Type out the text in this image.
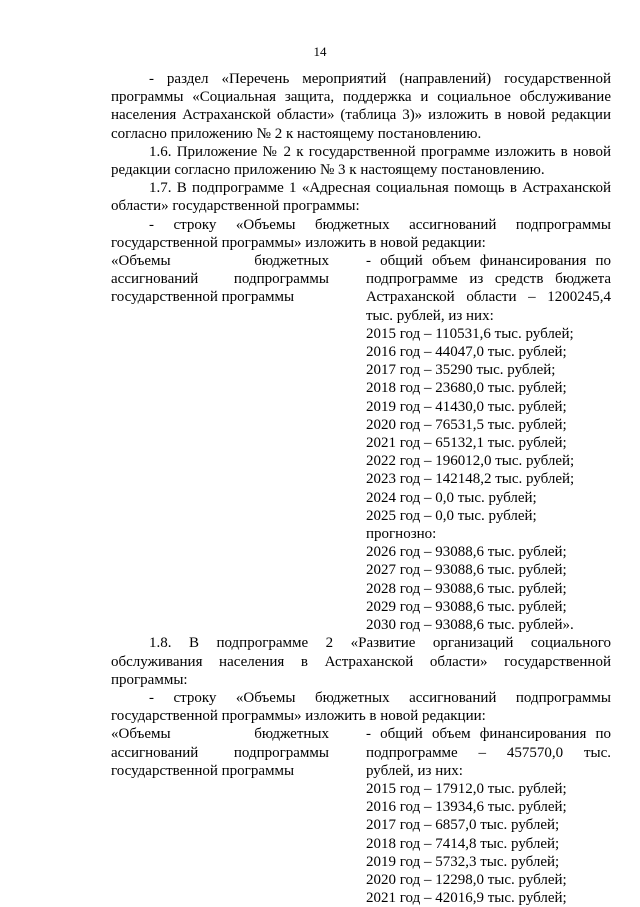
14

- раздел «Перечень мероприятий (направлений) государственной программы «Социальная защита, поддержка и социальное обслуживание населения Астраханской области» (таблица 3)» изложить в новой редакции согласно приложению № 2 к настоящему постановлению.

1.6. Приложение № 2 к государственной программе изложить в новой редакции согласно приложению № 3 к настоящему постановлению.

1.7. В подпрограмме 1 «Адресная социальная помощь в Астраханской области» государственной программы:

- строку «Объемы бюджетных ассигнований подпрограммы государственной программы» изложить в новой редакции:

«Объемы бюджетных ассигнований подпрограммы государственной программы

- общий объем финансирования по подпрограмме из средств бюджета Астраханской области – 1200245,4 тыс. рублей, из них:

2015 год – 110531,6 тыс. рублей;
2016 год – 44047,0 тыс. рублей;
2017 год – 35290 тыс. рублей;
2018 год – 23680,0 тыс. рублей;
2019 год – 41430,0 тыс. рублей;
2020 год – 76531,5 тыс. рублей;
2021 год – 65132,1 тыс. рублей;
2022 год – 196012,0 тыс. рублей;
2023 год – 142148,2 тыс. рублей;
2024 год – 0,0 тыс. рублей;
2025 год – 0,0 тыс. рублей;

прогнозно:

2026 год – 93088,6 тыс. рублей;
2027 год – 93088,6 тыс. рублей;
2028 год – 93088,6 тыс. рублей;
2029 год – 93088,6 тыс. рублей;
2030 год – 93088,6 тыс. рублей».

1.8. В подпрограмме 2 «Развитие организаций социального обслуживания населения в Астраханской области» государственной программы:

- строку «Объемы бюджетных ассигнований подпрограммы государственной программы» изложить в новой редакции:

«Объемы бюджетных ассигнований подпрограммы государственной программы

- общий объем финансирования по подпрограмме – 457570,0 тыс. рублей, из них:

2015 год – 17912,0 тыс. рублей;
2016 год – 13934,6 тыс. рублей;
2017 год – 6857,0 тыс. рублей;
2018 год – 7414,8 тыс. рублей;
2019 год – 5732,3 тыс. рублей;
2020 год – 12298,0 тыс. рублей;
2021 год – 42016,9 тыс. рублей;
